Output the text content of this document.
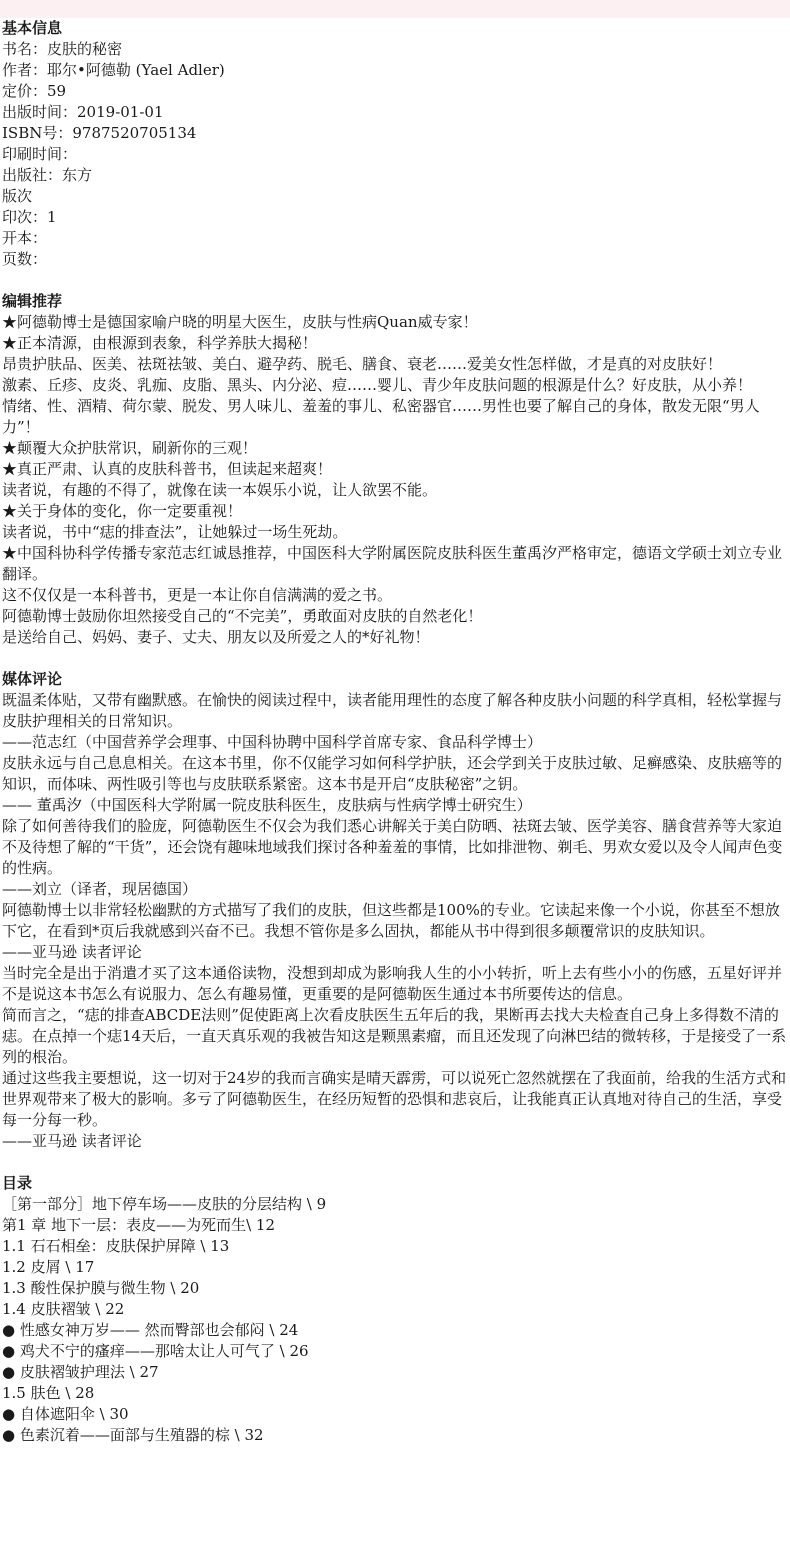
基本信息

书名：皮肤的秘密

作者：耶尔•阿德勒 (Yael Adler)

定价：59

出版时间：2019-01-01

ISBN号：9787520705134

印刷时间：

出版社：东方

版次

印次：1

开本：

页数：

编辑推荐

★阿德勒博士是德国家喻户晓的明星大医生，皮肤与性病Quan威专家！

★正本清源，由根源到表象，科学养肤大揭秘！

昂贵护肤品、医美、祛斑祛皱、美白、避孕药、脱毛、膳食、衰老……爱美女性怎样做，才是真的对皮肤好！

激素、丘疹、皮炎、乳痂、皮脂、黑头、内分泌、痘……婴儿、青少年皮肤问题的根源是什么？好皮肤，从小养！

情绪、性、酒精、荷尔蒙、脱发、男人味儿、羞羞的事儿、私密器官……男性也要了解自己的身体，散发无限“男人力”！

★颠覆大众护肤常识，刷新你的三观！

★真正严肃、认真的皮肤科普书，但读起来超爽！

读者说，有趣的不得了，就像在读一本娱乐小说，让人欲罢不能。

★关于身体的变化，你一定要重视！

读者说，书中“痣的排查法”，让她躲过一场生死劫。

★中国科协科学传播专家范志红诚恳推荐，中国医科大学附属医院皮肤科医生董禹汐严格审定，德语文学硕士刘立专业翻译。

这不仅仅是一本科普书，更是一本让你自信满满的爱之书。

阿德勒博士鼓励你坦然接受自己的“不完美”，勇敢面对皮肤的自然老化！

是送给自己、妈妈、妻子、丈夫、朋友以及所爱之人的*好礼物！

媒体评论

既温柔体贴，又带有幽默感。在愉快的阅读过程中，读者能用理性的态度了解各种皮肤小问题的科学真相，轻松掌握与皮肤护理相关的日常知识。

——范志红（中国营养学会理事、中国科协聘中国科学首席专家、食品科学博士）

皮肤永远与自己息息相关。在这本书里，你不仅能学习如何科学护肤，还会学到关于皮肤过敏、足癣感染、皮肤癌等的知识，而体味、两性吸引等也与皮肤联系紧密。这本书是开启“皮肤秘密”之钥。

—— 董禹汐（中国医科大学附属一院皮肤科医生，皮肤病与性病学博士研究生）

除了如何善待我们的脸庞，阿德勒医生不仅会为我们悉心讲解关于美白防晒、祛斑去皱、医学美容、膳食营养等大家迫不及待想了解的“干货”，还会饶有趣味地域我们探讨各种羞羞的事情，比如排泄物、剃毛、男欢女爱以及令人闻声色变的性病。

——刘立（译者，现居德国）

阿德勒博士以非常轻松幽默的方式描写了我们的皮肤，但这些都是100%的专业。它读起来像一个小说，你甚至不想放下它，在看到*页后我就感到兴奋不已。我想不管你是多么固执，都能从书中得到很多颠覆常识的皮肤知识。

——亚马逊 读者评论

当时完全是出于消遣才买了这本通俗读物，没想到却成为影响我人生的小小转折，听上去有些小小的伤感，五星好评并不是说这本书怎么有说服力、怎么有趣易懂，更重要的是阿德勒医生通过本书所要传达的信息。

简而言之，“痣的排查ABCDE法则”促使距离上次看皮肤医生五年后的我，果断再去找大夫检查自己身上多得数不清的痣。在点掉一个痣14天后，一直天真乐观的我被告知这是颗黑素瘤，而且还发现了向淋巴结的微转移，于是接受了一系列的根治。

通过这些我主要想说，这一切对于24岁的我而言确实是晴天霹雳，可以说死亡忽然就摆在了我面前，给我的生活方式和世界观带来了极大的影响。多亏了阿德勒医生，在经历短暂的恐惧和悲哀后，让我能真正认真地对待自己的生活，享受每一分每一秒。

——亚马逊 读者评论

目录

［第一部分］地下停车场——皮肤的分层结构 \ 9

第1 章 地下一层：表皮——为死而生\ 12

1.1 石石相垒：皮肤保护屏障 \ 13

1.2 皮屑 \ 17

1.3 酸性保护膜与微生物 \ 20

1.4 皮肤褶皱 \ 22

● 性感女神万岁—— 然而臀部也会郁闷 \ 24

● 鸡犬不宁的瘙痒——那啥太让人可气了 \ 26

● 皮肤褶皱护理法 \ 27

1.5 肤色 \ 28

● 自体遮阳伞 \ 30

● 色素沉着——面部与生殖器的棕 \ 32
